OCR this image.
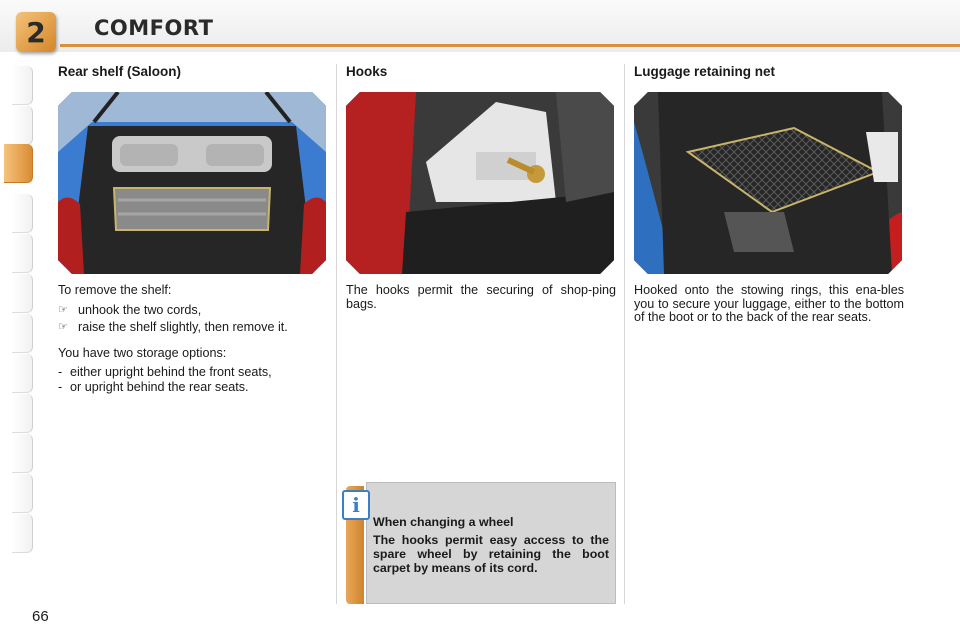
2 COMFORT
Rear shelf (Saloon)

To remove the shelf:

☞ unhook the two cords,
☞ raise the shelf slightly, then remove it.

You have two storage options:

- either upright behind the front seats,
- or upright behind the rear seats.
Hooks

The hooks permit the securing of shop-ping bags.

Luggage retaining net

Hooked onto the stowing rings, this ena-bles you to secure your luggage, either to the bottom of the boot or to the back of the rear seats.

When changing a wheel
The hooks permit easy access to the spare wheel by retaining the boot carpet by means of its cord.
i
66
